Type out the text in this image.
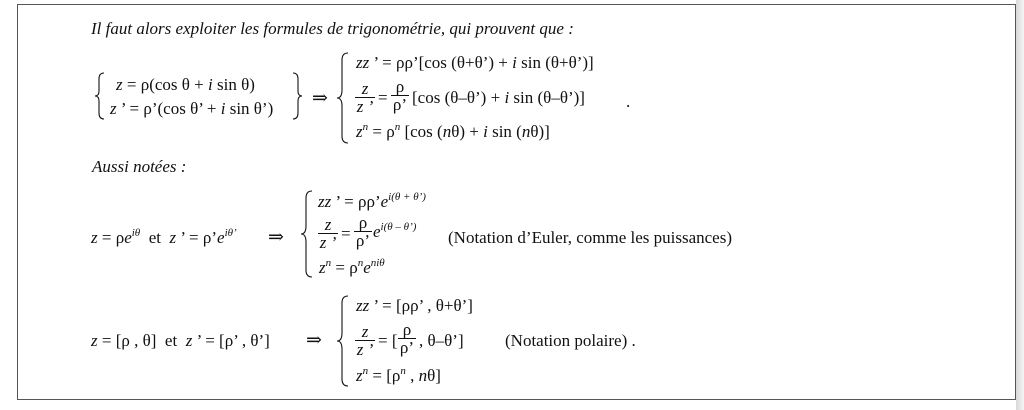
Il faut alors exploiter les formules de trigonométrie, qui prouvent que :
z = ρ(cos θ + i sin θ)
z ’ = ρ’(cos θ’ + i sin θ’) ⇒
zz ’ = ρρ’[cos (θ+θ’) + i sin (θ+θ’)]
$\frac{z}{z ’} = \frac{\rho}{\rho’} [\cos$ (θ–θ’) + i sin (θ–θ’)] .
$z^n = \rho^n$ [cos (nθ) + i sin (nθ)]
Aussi notées :
$z = \rho e^{i\theta}$  et  z ’ = $\rho’e^{i\theta’}$ ⇒
zz ’ = $\rho\rho’e^{i(\theta + \theta’)}$
$\frac{z}{z ’} = \frac{\rho}{\rho’} e^{i(\theta - \theta’)}$
(Notation d’Euler, comme les puissances)
$z^n = \rho^ne^{ni\theta}$
z = [ρ , θ]  et  z ’ = [ρ’ , θ’] ⇒
zz ’ = [ρρ’ , θ+θ’]
$\frac{z}{z ’}$ = [ $\frac{\rho}{\rho’}$ , θ–θ’] (Notation polaire) .
$z^n = [\rho^n$ , nθ]
